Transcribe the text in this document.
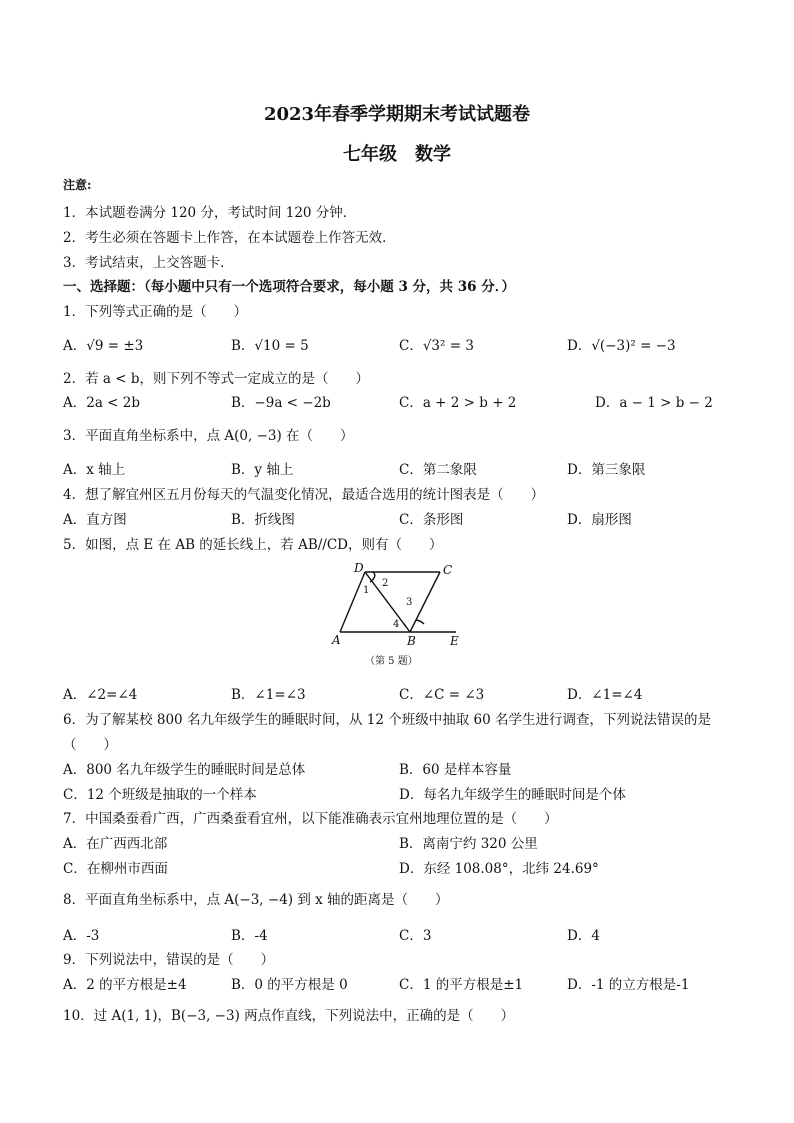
2023年春季学期期末考试试题卷
七年级　数学
注意:
1．本试题卷满分 120 分，考试时间 120 分钟．
2．考生必须在答题卡上作答，在本试题卷上作答无效．
3．考试结束，上交答题卡．
一、选择题：（每小题中只有一个选项符合要求，每小题 3 分，共 36 分．）
1．下列等式正确的是（　　）
A．√9 = ±3	B．√10 = 5	C．√3² = 3	D．√(−3)² = −3
2．若 a < b，则下列不等式一定成立的是（　　）
A．2a < 2b	B．−9a < −2b	C．a + 2 > b + 2	D．a − 1 > b − 2
3．平面直角坐标系中，点 A(0, −3) 在（　　）
A．x 轴上	B．y 轴上	C．第二象限	D．第三象限
4．想了解宜州区五月份每天的气温变化情况，最适合选用的统计图表是（　　）
A．直方图	B．折线图	C．条形图	D．扇形图
5．如图，点 E 在 AB 的延长线上，若 AB//CD，则有（　　）
D	C
A	B	E
1
2
3
4
（第 5 题）
A．∠2=∠4	B．∠1=∠3	C．∠C = ∠3	D．∠1=∠4
6．为了解某校 800 名九年级学生的睡眠时间，从 12 个班级中抽取 60 名学生进行调查，下列说法错误的是
（　　）
A．800 名九年级学生的睡眠时间是总体	B．60 是样本容量
C．12 个班级是抽取的一个样本	D．每名九年级学生的睡眠时间是个体
7．中国桑蚕看广西，广西桑蚕看宜州，以下能准确表示宜州地理位置的是（　　）
A．在广西西北部	B．离南宁约 320 公里
C．在柳州市西面	D．东经 108.08°，北纬 24.69°
8．平面直角坐标系中，点 A(−3, −4) 到 x 轴的距离是（　　）
A．-3	B．-4	C．3	D．4
9．下列说法中，错误的是（　　）
A．2 的平方根是±4	B．0 的平方根是 0	C．1 的平方根是±1	D．-1 的立方根是-1
10．过 A(1, 1)，B(−3, −3) 两点作直线，下列说法中，正确的是（　　）
